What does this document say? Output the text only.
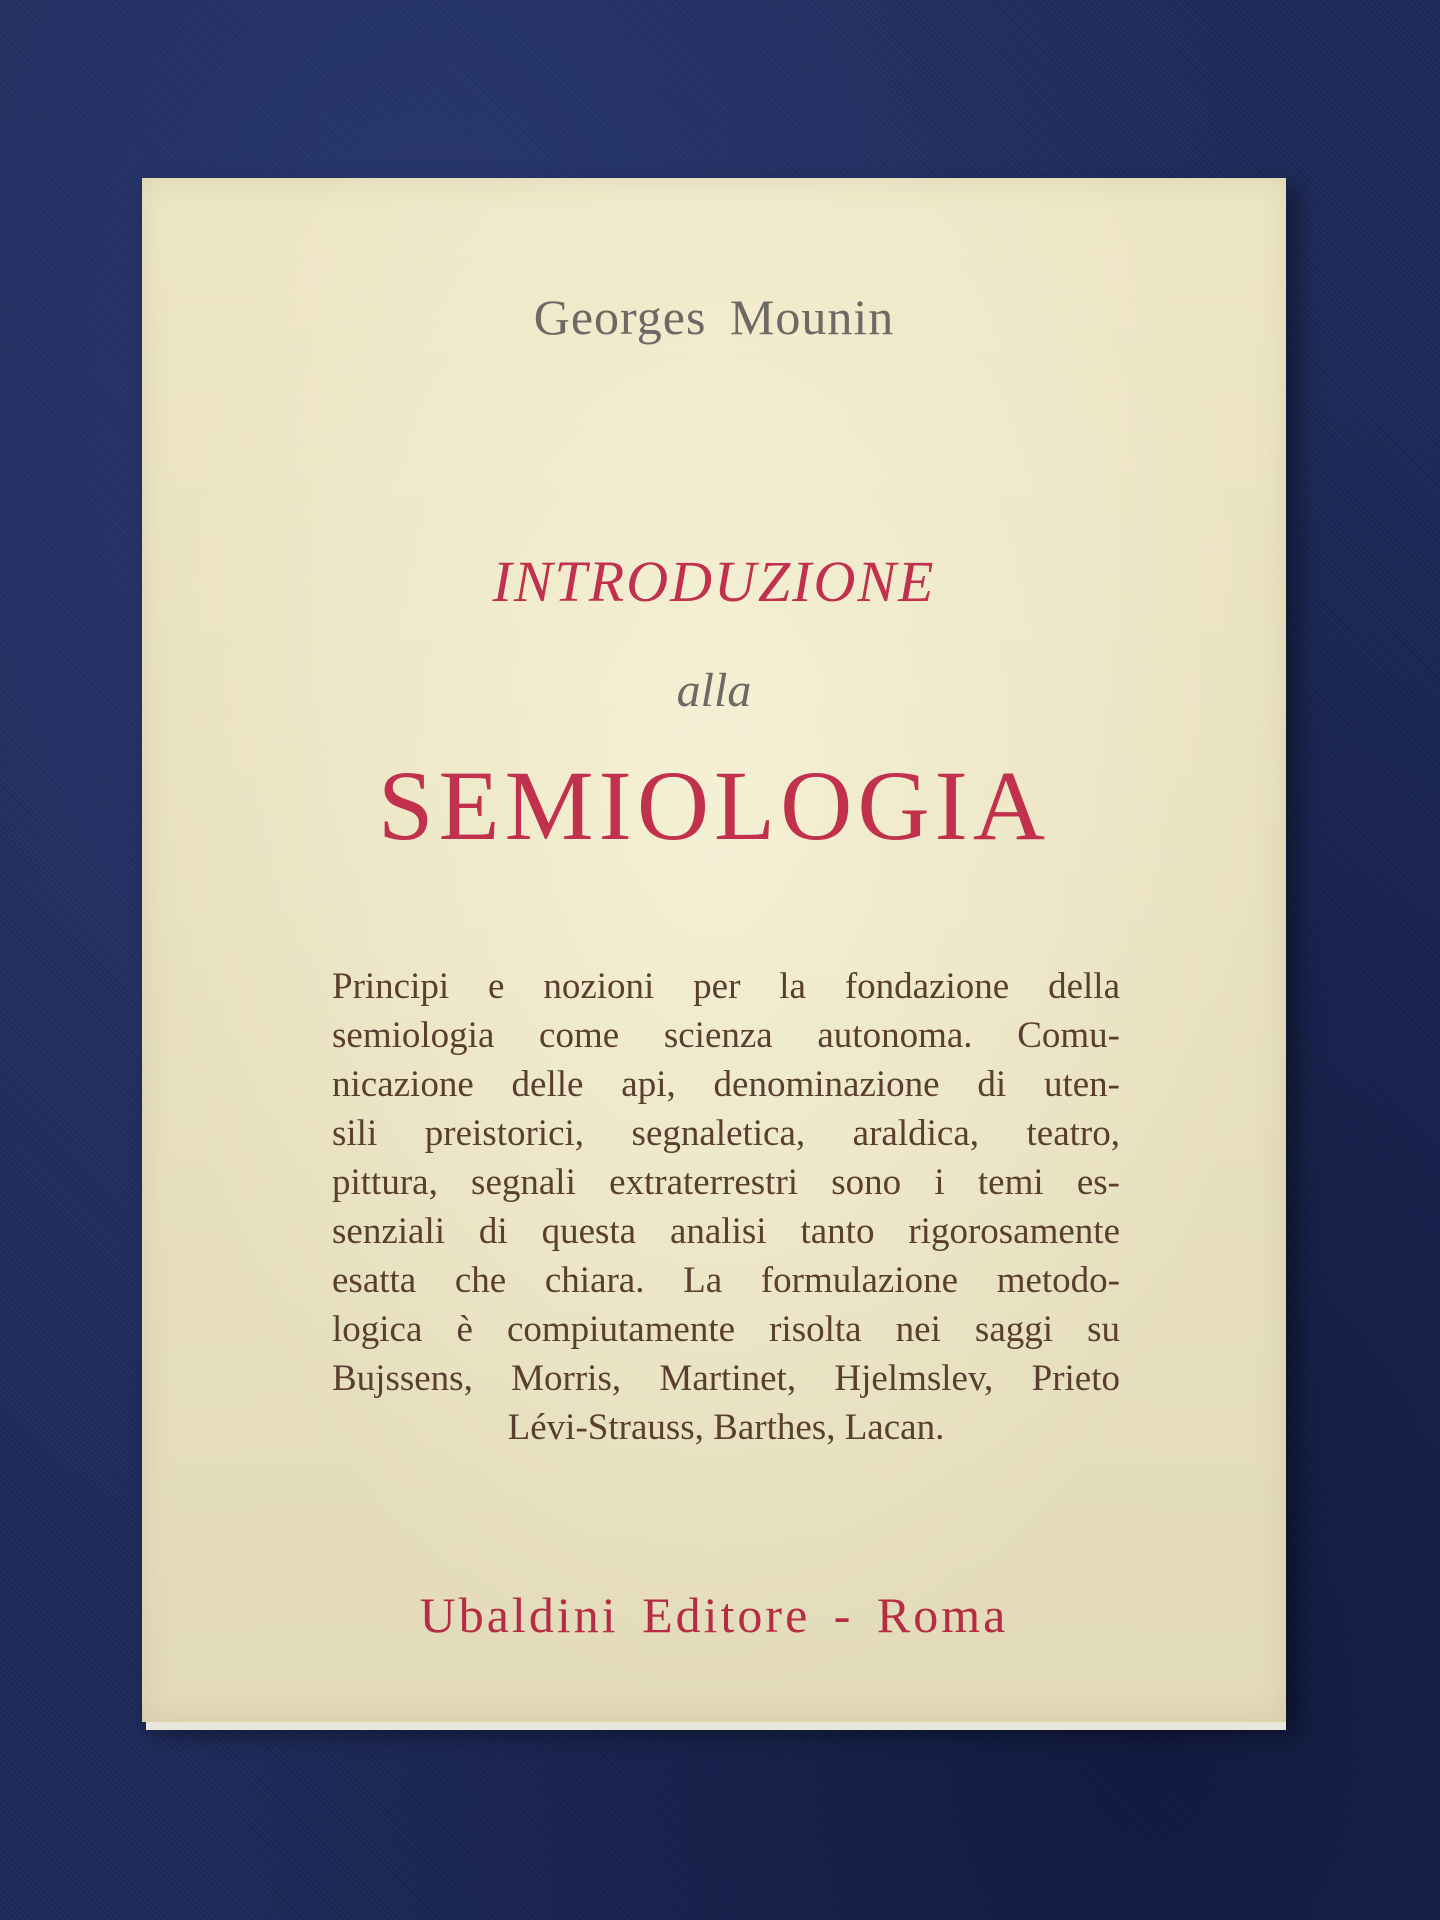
Georges Mounin
INTRODUZIONE
alla
SEMIOLOGIA
Principi e nozioni per la fondazione della
semiologia come scienza autonoma. Comu-
nicazione delle api, denominazione di uten-
sili preistorici, segnaletica, araldica, teatro,
pittura, segnali extraterrestri sono i temi es-
senziali di questa analisi tanto rigorosamente
esatta che chiara. La formulazione metodo-
logica è compiutamente risolta nei saggi su
Bujssens, Morris, Martinet, Hjelmslev, Prieto
Lévi-Strauss, Barthes, Lacan.
Ubaldini Editore - Roma
